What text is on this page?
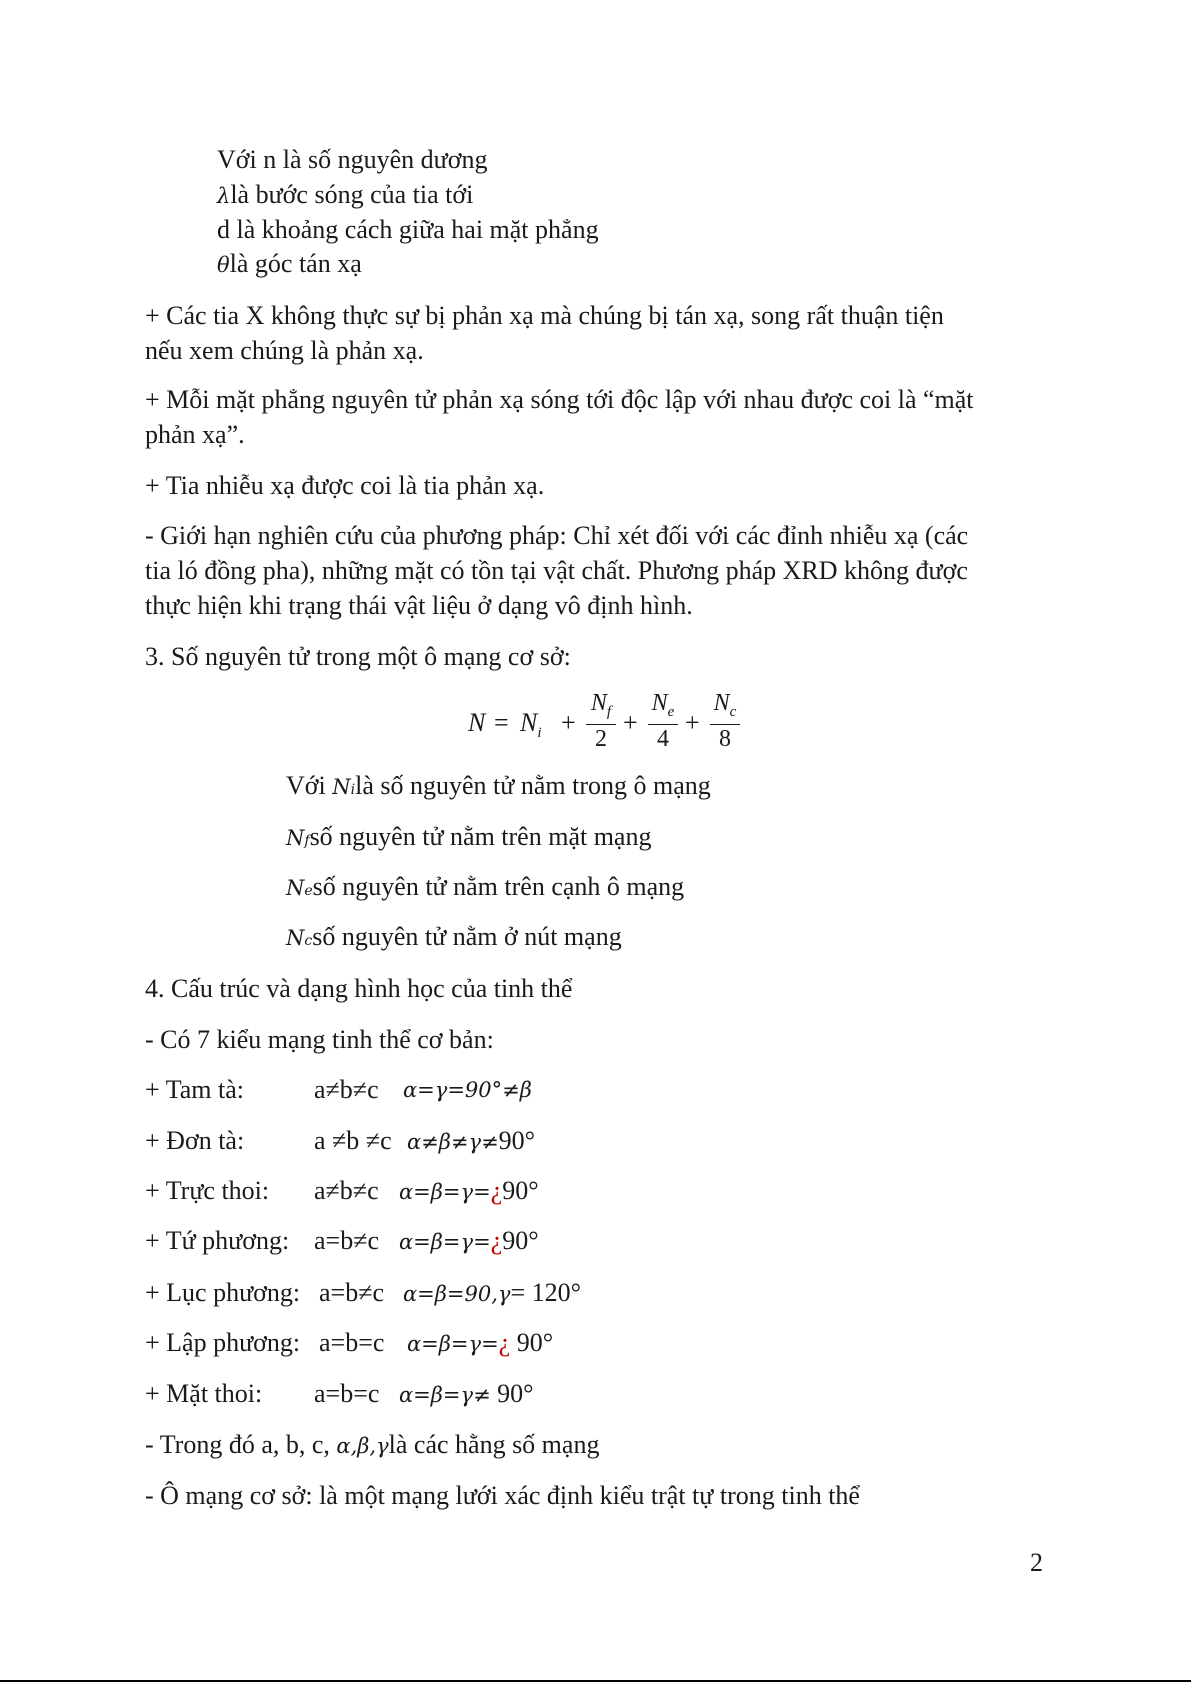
Với n là số nguyên dương
λlà bước sóng của tia tới
d là khoảng cách giữa hai mặt phẳng
θlà góc tán xạ
+ Các tia X không thực sự bị phản xạ mà chúng bị tán xạ, song rất thuận tiện
nếu xem chúng là phản xạ.
+ Mỗi mặt phẳng nguyên tử phản xạ sóng tới độc lập với nhau được coi là “mặt
phản xạ”.
+ Tia nhiễu xạ được coi là tia phản xạ.
- Giới hạn nghiên cứu của phương pháp: Chỉ xét đối với các đỉnh nhiễu xạ (các
tia ló đồng pha), những mặt có tồn tại vật chất. Phương pháp XRD không được
thực hiện khi trạng thái vật liệu ở dạng vô định hình.
3. Số nguyên tử trong một ô mạng cơ sở:
$N = N_i$ +
$N_f$
2
+
$N_e$
4
+
$N_c$
8
Với Nilà số nguyên tử nằm trong ô mạng
Nfsố nguyên tử nằm trên mặt mạng
Nesố nguyên tử nằm trên cạnh ô mạng
Ncsố nguyên tử nằm ở nút mạng
4. Cấu trúc và dạng hình học của tinh thể
- Có 7 kiểu mạng tinh thể cơ bản:
+ Tam tà:	a≠b≠c α=γ=90°≠β
+ Đơn tà:	a ≠b ≠c α≠β≠γ≠90°
+ Trực thoi: a≠b≠c α=β=γ=¿90°
+ Tứ phương: a=b≠c α=β=γ=¿90°
+ Lục phương: a=b≠c α=β=90,γ= 120°
+ Lập phương: a=b=c α=β=γ=¿ 90°
+ Mặt thoi: a=b=c α=β=γ≠ 90°
- Trong đó a, b, c, α,β,γlà các hằng số mạng
- Ô mạng cơ sở: là một mạng lưới xác định kiểu trật tự trong tinh thể
2
